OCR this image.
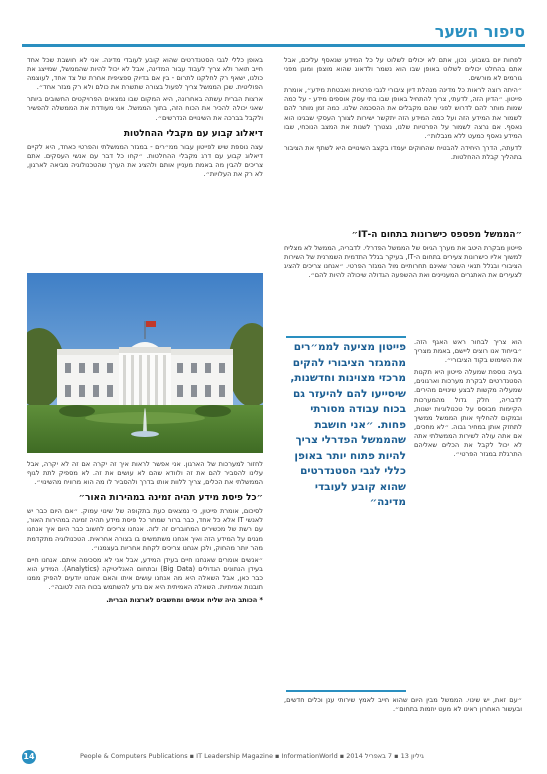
סיפור השער

לפחות יום בשבוע. נכון, אתם לא יכולים לשלוט על כל המידע שנאסף עליכם, אבל אתם בהחלט יכולים לשלוט באופן שבו הוא נשמר ולדאוג שהוא מוצפן ומוגן מפני גורמים לא מורשים.

״היתה רוצה לראות כל מדינה מנהלת דיון ציבורי לגבי פרטיות ואבטחת מידע״, אומרת פייטון. ״הדיון הזה, לדעתי, צריך להתחיל באופן שבו בתי עסק אוספים מידע - על כמה שמות מותר להם לדרוש לפני שהם מקבלים את ההסכמה שלנו. כמה זמן מותר להם לשמור את המידע הזה ועל כמה המידע הזה יתקשר ישירות לצורך העסקי שבגינו הוא נאסף. אם נרצה לשמור על הפרטיות שלנו, נצטרך לשנות את המצב הנוכחי, שבו המידע נאסף כמעט ללא מגבלות״.

לדעתה, הדרך היחידה להבטיח שהחוקים יעמדו בקצב השינויים היא לשתף את הציבור בתהליך קבלת ההחלטות.

״הממשל מפספס כישרונות בתחום ה-IT״

פייטון מבקרת היטב את מערך הגיוס של הממשל הפדרלי. לדבריה, הממשל לא מצליח למשוך אליו כישרונות צעירים בתחום ה-IT, בעיקר בגלל התדמית השמרנית של השירות הציבורי ובגלל תנאי השכר שאינם תחרותיים מול המגזר הפרטי. ״אנחנו צריכים להציג לצעירים את האתגרים המעניינים ואת ההשפעה הגדולה שיכולה להיות להם״.

פייטון מציעה לממ״רים מהמגזר הציבורי להקים מרכזי מצוינות וחדשנות, שיסייעו להם להיעזר גם בכוח עבודה מסורתי פחות. ״אני חושבת שהממשל הפדרלי צריך להיות פתוח יותר באופן כללי לגבי הסטנדרטים שהוא קובע לעובדי מדינה״

הוא צריך לבחור ראש האגף הזה. ״בייחוד אנו רוצים ליישם, באמת מצריך את השימוש בקוד הציבורי״.

בעיה נוספת שמעלה פייטון היא תקנות הסטנדרטים לבקרת מערכות וארגונים, שמעליה מקשות לבצע שינויים מהירים. לדבריה, חלק גדול מהמערכות הקיימות מבוסס על טכנולוגיות ישנות, ובמקום להחליף אותן הממשל ממשיך לתחזק אותן במחיר גבוה. ״לא מחכים, אם אתה עולה לשירות הממשלתי אתה לא יכול לקבל את הכלים שאליהם התרגלת במגזר הפרטי״.

״עם זאת, יש שינוי. הממשל מבין היום שהוא חייב לאמץ שירותי ענן וכלים חדשים, ובעשור האחרון ראינו לא מעט יוזמות בתחום״.

באופן כללי לגבי הסטנדרטים שהוא קובע לעובדי מדינה. אני לא חושבת שכל אחד חייב תואר ולא צריך לעבוד עבור המדינה, אבל לא יכול להיות שהממשל, שמייצג את כולנו, ישאף רק לחלקנו לתרום - בין אם בדיוק ספציפית אחרת של צד אחד, לעוצמה הפוליטית. שכן הממשל צריך לפעול בצורה שתשרת את כולם ולא רק מגזר אחד״.

ארצות הברית עשתה באחרונה, היא המקום שבו נמצאים הפרויקטים החשובים ביותר שאני יכולה להכיר את הכוח הזה, בתוך הממשל. אני מעודדת את הממשלה להפשיר ולקבל בברכה את השינויים הנדרשים״.

דיאלוג קבוע עם מקבלי ההחלטות

עצה נוספת שיש לפייטון עבור ממ״רים - במגזר הממשלתי והפרטי כאחד, היא לקיים דיאלוג קבוע עם דרג מקבלי ההחלטות. ״קחו כל דבר עם אנשי העסקים. אתם צריכים להבין מה באמת מעניין אותם ולהציג את הערך שהטכנולוגיה מביאה לארגון, לא רק את העלויות״.

לחזור למערכות של הארגון. אני אפשר לראות איך זה יקרה אם זה לא יקרה, אבל עלינו להסביר להם את זה ולוודא שהם לא עושים את זה. לא מספיק לתת לגוף הממשלתי את הכלים, צריך ללוות אותו בדרך ולהסביר לו מה הוא מרוויח מהשינוי״.

״כל פיסת מידע תהיה זמינה במהירות האור״

לסיכום, אומרת פייטון, כי נמצאים כעת בתקופה של שינוי עמוק. ״אם היום כבר יש לאנשי IT אלא כל אחד, כבר ברור שמחר כל פיסת מידע תהיה זמינה במהירות האור, עם רשת של מכשירים המחוברים זה לזה. אנחנו צריכים לחשוב כבר היום איך אנחנו מגנים על המידע הזה ואיך אנחנו משתמשים בו בצורה אחראית. הטכנולוגיה מתקדמת מהר יותר מהחוק, ולכן אנחנו צריכים לקחת אחריות בעצמנו״.

״אנשים אומרים שאנחנו חיים בעידן המידע, אבל אני לא מסכימה איתם. אנחנו חיים בעידן הנתונים הגדולים (Big Data) ובתחום האנליטיקה (Analytics). המידע הוא כבר כאן, אבל השאלה היא מה אנחנו עושים איתו והאם אנחנו יודעים להפיק ממנו תובנות אמיתיות. השאלה האמיתית היא אם נדע להשתמש בכוח הזה לטובה״.

* הכותב היה שליח אנשים ומחשבים לארצות הברית.
14	People & Computers Publications ▪ IT Leadership Magazine ▪ InformationWorld ▪ 2014 גיליון 13 ▪ 7 באפריל
